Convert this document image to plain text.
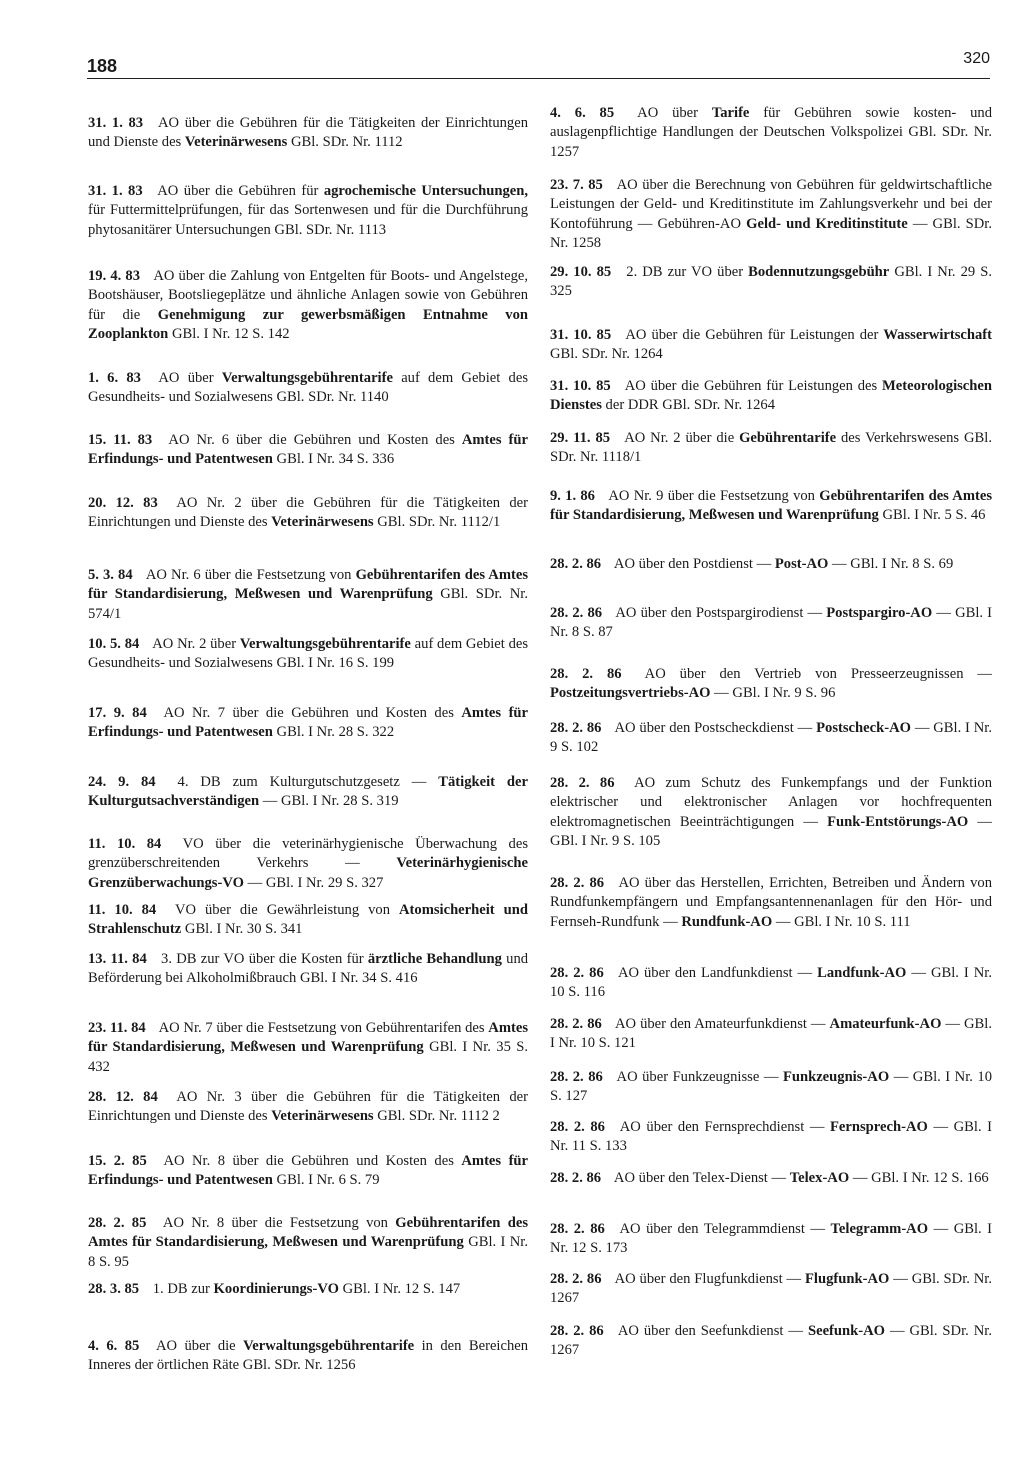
188	320
31. 1. 83 AO über die Gebühren für die Tätigkeiten der Einrichtungen und Dienste des Veterinärwesens GBl. SDr. Nr. 1112
31. 1. 83 AO über die Gebühren für agrochemische Untersuchungen, für Futtermittelprüfungen, für das Sortenwesen und für die Durchführung phytosanitärer Untersuchungen GBl. SDr. Nr. 1113
19. 4. 83 AO über die Zahlung von Entgelten für Boots- und Angelstege, Bootshäuser, Bootsliegeplätze und ähnliche Anlagen sowie von Gebühren für die Genehmigung zur gewerbsmäßigen Entnahme von Zooplankton GBl. I Nr. 12 S. 142
1. 6. 83 AO über Verwaltungsgebührentarife auf dem Gebiet des Gesundheits- und Sozialwesens GBl. SDr. Nr. 1140
15. 11. 83 AO Nr. 6 über die Gebühren und Kosten des Amtes für Erfindungs- und Patentwesen GBl. I Nr. 34 S. 336
20. 12. 83 AO Nr. 2 über die Gebühren für die Tätigkeiten der Einrichtungen und Dienste des Veterinärwesens GBl. SDr. Nr. 1112/1
5. 3. 84 AO Nr. 6 über die Festsetzung von Gebührentarifen des Amtes für Standardisierung, Meßwesen und Warenprüfung GBl. SDr. Nr. 574/1
10. 5. 84 AO Nr. 2 über Verwaltungsgebührentarife auf dem Gebiet des Gesundheits- und Sozialwesens GBl. I Nr. 16 S. 199
17. 9. 84 AO Nr. 7 über die Gebühren und Kosten des Amtes für Erfindungs- und Patentwesen GBl. I Nr. 28 S. 322
24. 9. 84 4. DB zum Kulturgutschutzgesetz — Tätigkeit der Kulturgutsachverständigen — GBl. I Nr. 28 S. 319
11. 10. 84 VO über die veterinärhygienische Überwachung des grenzüberschreitenden Verkehrs —	Veterinärhygienische Grenzüberwachungs-VO — GBl. I Nr. 29 S. 327
11. 10. 84 VO über die Gewährleistung von Atomsicherheit und Strahlenschutz GBl. I Nr. 30 S. 341
13. 11. 84 3. DB zur VO über die Kosten für ärztliche Behandlung und Beförderung bei Alkoholmißbrauch GBl. I Nr. 34 S. 416
23. 11. 84 AO Nr. 7 über die Festsetzung von Gebührentarifen des Amtes für Standardisierung, Meßwesen und Warenprüfung GBl. I Nr. 35 S. 432
28. 12. 84 AO Nr. 3 über die Gebühren für die Tätigkeiten der Einrichtungen und Dienste des Veterinärwesens GBl. SDr. Nr. 1112 2
15. 2. 85 AO Nr. 8 über die Gebühren und Kosten des Amtes für Erfindungs- und Patentwesen GBl. I Nr. 6 S. 79
28. 2. 85 AO Nr. 8 über die Festsetzung von Gebührentarifen des Amtes für Standardisierung, Meßwesen und Warenprüfung GBl. I Nr. 8 S. 95
28. 3. 85 1. DB zur Koordinierungs-VO GBl. I Nr. 12 S. 147
4. 6. 85 AO über die Verwaltungsgebührentarife in den Bereichen Inneres der örtlichen Räte GBl. SDr. Nr. 1256
4. 6. 85 AO über Tarife für Gebühren sowie kosten- und auslagenpflichtige Handlungen der Deutschen Volkspolizei GBl. SDr. Nr. 1257
23. 7. 85 AO über die Berechnung von Gebühren für geldwirtschaftliche Leistungen der Geld- und Kreditinstitute im Zahlungsverkehr und bei der Kontoführung — Gebühren-AO Geld- und Kreditinstitute — GBl. SDr. Nr. 1258
29. 10. 85 2. DB zur VO über Bodennutzungsgebühr GBl. I Nr. 29 S. 325
31. 10. 85 AO über die Gebühren für Leistungen der Wasserwirtschaft GBl. SDr. Nr. 1264
31. 10. 85 AO über die Gebühren für Leistungen des Meteorologischen Dienstes der DDR GBl. SDr. Nr. 1264
29. 11. 85 AO Nr. 2 über die Gebührentarife des Verkehrswesens GBl. SDr. Nr. 1118/1
9. 1. 86 AO Nr. 9 über die Festsetzung von Gebührentarifen des Amtes für Standardisierung, Meßwesen und Warenprüfung GBl. I Nr. 5 S. 46
28. 2. 86 AO über den Postdienst — Post-AO — GBl. I Nr. 8 S. 69
28. 2. 86 AO über den Postspargirodienst — Postspargiro-AO — GBl. I Nr. 8 S. 87
28. 2. 86 AO über den Vertrieb von Presseerzeugnissen — Postzeitungsvertriebs-AO — GBl. I Nr. 9 S. 96
28. 2. 86 AO über den Postscheckdienst — Postscheck-AO — GBl. I Nr. 9 S. 102
28. 2. 86 AO zum Schutz des Funkempfangs und der Funktion elektrischer und elektronischer Anlagen vor hochfrequenten elektromagnetischen Beeinträchtigungen — Funk-Entstörungs-AO — GBl. I Nr. 9 S. 105
28. 2. 86 AO über das Herstellen, Errichten, Betreiben und Ändern von Rundfunkempfängern und Empfangsantennenanlagen für den Hör- und Fernseh-Rundfunk — Rundfunk-AO — GBl. I Nr. 10 S. 111
28. 2. 86 AO über den Landfunkdienst — Landfunk-AO — GBl. I Nr. 10 S. 116
28. 2. 86 AO über den Amateurfunkdienst — Amateurfunk-AO — GBl. I Nr. 10 S. 121
28. 2. 86 AO über Funkzeugnisse — Funkzeugnis-AO — GBl. I Nr. 10 S. 127
28. 2. 86 AO über den Fernsprechdienst — Fernsprech-AO — GBl. I Nr. 11 S. 133
28. 2. 86 AO über den Telex-Dienst — Telex-AO — GBl. I Nr. 12 S. 166
28. 2. 86 AO über den Telegrammdienst — Telegramm-AO — GBl. I Nr. 12 S. 173
28. 2. 86 AO über den Flugfunkdienst — Flugfunk-AO — GBl. SDr. Nr. 1267
28. 2. 86 AO über den Seefunkdienst — Seefunk-AO — GBl. SDr. Nr. 1267
